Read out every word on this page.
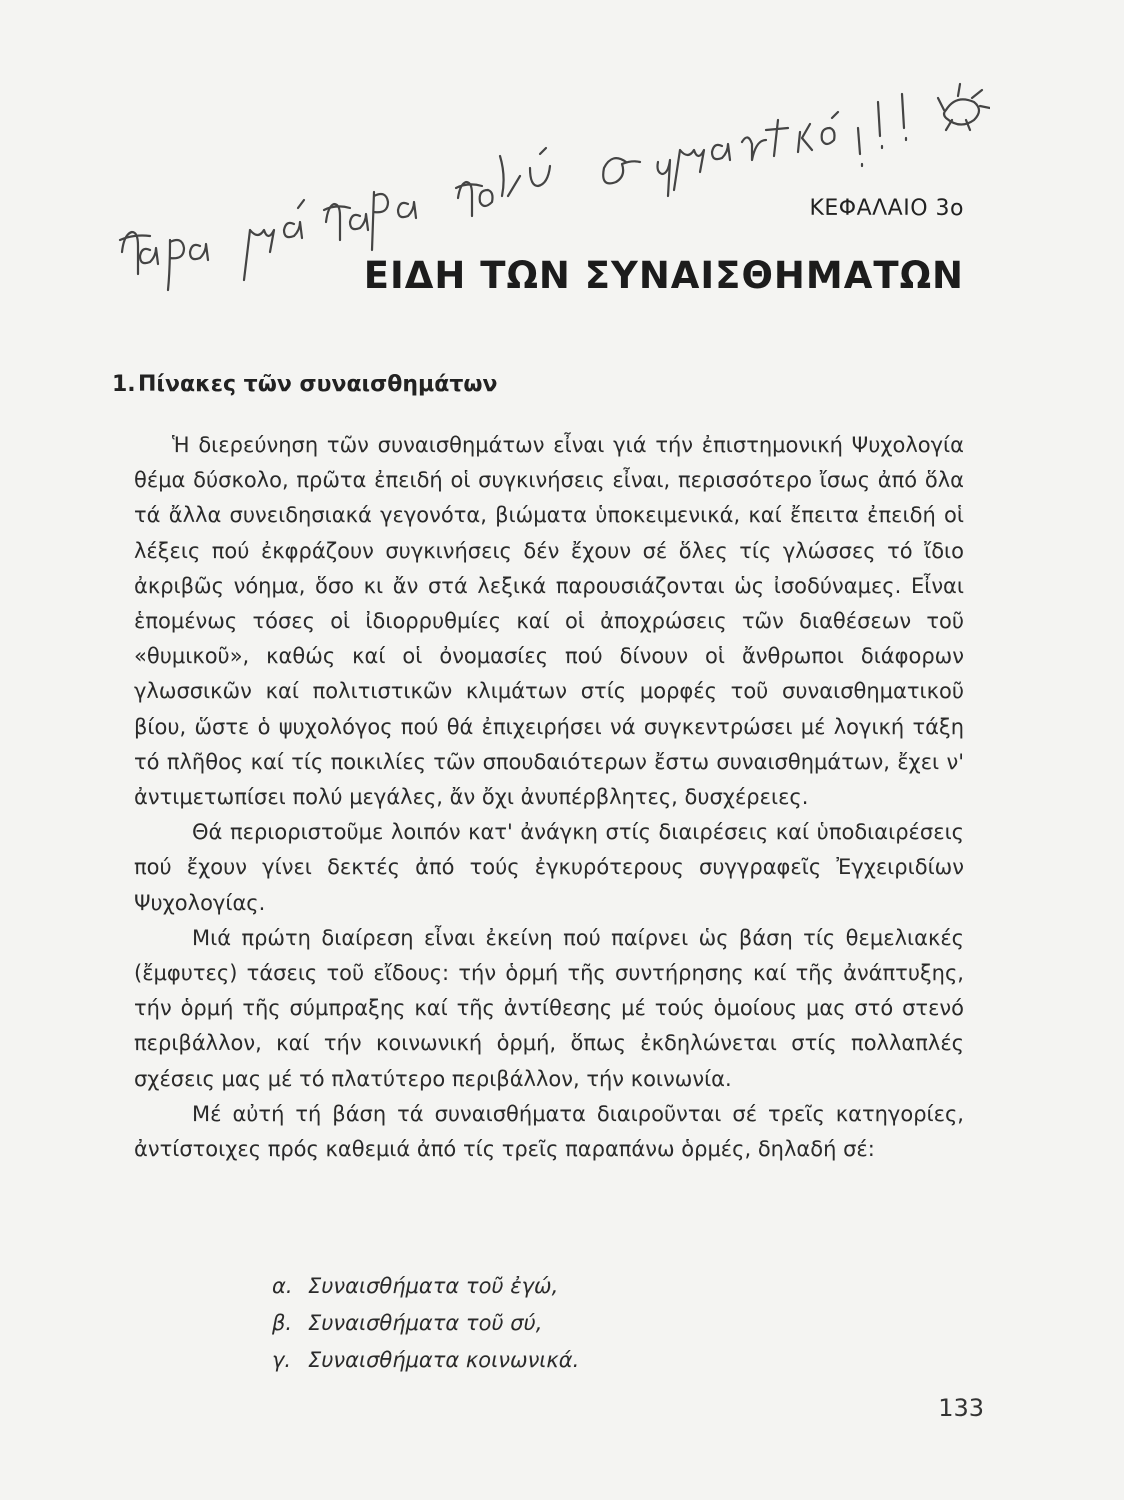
ΚΕΦΑΛΑΙΟ 3ο
ΕΙΔΗ ΤΩΝ ΣΥΝΑΙΣΘΗΜΑΤΩΝ
1. Πίνακες τῶν συναισθημάτων

Ἡ διερεύνηση τῶν συναισθημάτων εἶναι γιά τήν ἐπιστημονική Ψυχολογία θέμα δύσκολο, πρῶτα ἐπειδή οἱ συγκινήσεις εἶναι, περισσότερο ἴσως ἀπό ὅλα τά ἄλλα συνειδησιακά γεγονότα, βιώματα ὑποκειμενικά, καί ἔπειτα ἐπειδή οἱ λέξεις πού ἐκφράζουν συγκινήσεις δέν ἔχουν σέ ὅλες τίς γλώσσες τό ἴδιο ἀκριβῶς νόημα, ὅσο κι ἄν στά λεξικά παρουσιάζονται ὡς ἰσοδύναμες. Εἶναι ἑπομένως τόσες οἱ ἰδιορρυθμίες καί οἱ ἀποχρώσεις τῶν διαθέσεων τοῦ «θυμικοῦ», καθώς καί οἱ ὀνομασίες πού δίνουν οἱ ἄνθρωποι διάφορων γλωσσικῶν καί πολιτιστικῶν κλιμάτων στίς μορφές τοῦ συναισθηματικοῦ βίου, ὥστε ὁ ψυχολόγος πού θά ἐπιχειρήσει νά συγκεντρώσει μέ λογική τάξη τό πλῆθος καί τίς ποικιλίες τῶν σπουδαιότερων ἔστω συναισθημάτων, ἔχει ν' ἀντιμετωπίσει πολύ μεγάλες, ἄν ὄχι ἀνυπέρβλητες, δυσχέρειες.

Θά περιοριστοῦμε λοιπόν κατ' ἀνάγκη στίς διαιρέσεις καί ὑποδιαιρέσεις πού ἔχουν γίνει δεκτές ἀπό τούς ἐγκυρότερους συγγραφεῖς Ἐγχειριδίων Ψυχολογίας.

Μιά πρώτη διαίρεση εἶναι ἐκείνη πού παίρνει ὡς βάση τίς θεμελιακές (ἔμφυτες) τάσεις τοῦ εἴδους: τήν ὁρμή τῆς συντήρησης καί τῆς ἀνάπτυξης, τήν ὁρμή τῆς σύμπραξης καί τῆς ἀντίθεσης μέ τούς ὁμοίους μας στό στενό περιβάλλον, καί τήν κοινωνική ὁρμή, ὅπως ἐκδηλώνεται στίς πολλαπλές σχέσεις μας μέ τό πλατύτερο περιβάλλον, τήν κοινωνία.

Μέ αὐτή τή βάση τά συναισθήματα διαιροῦνται σέ τρεῖς κατηγορίες, ἀντίστοιχες πρός καθεμιά ἀπό τίς τρεῖς παραπάνω ὁρμές, δηλαδή σέ:

α. Συναισθήματα τοῦ ἐγώ,
β. Συναισθήματα τοῦ σύ,
γ. Συναισθήματα κοινωνικά.
133
